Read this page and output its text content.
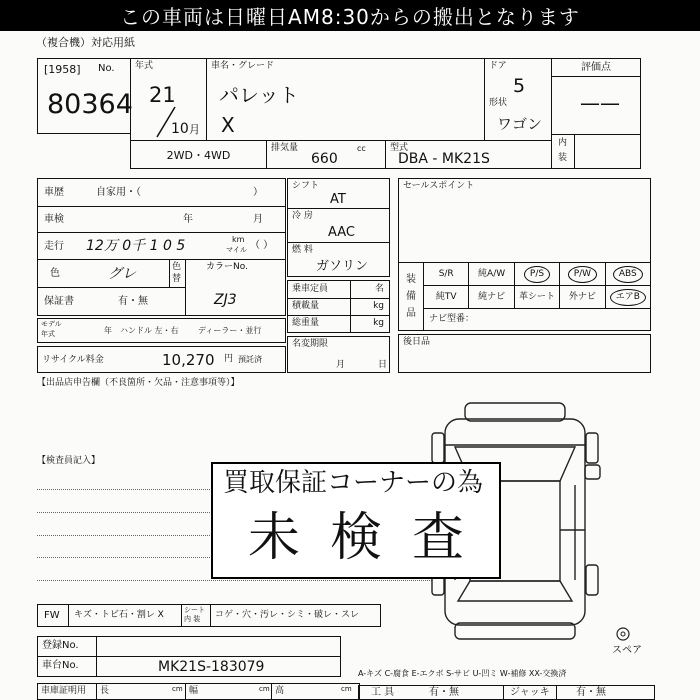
この車両は日曜日AM8:30からの搬出となります
（複合機）対応用紙
[1958] No.
80364
年式
21
10 月
車名・グレード
パレット
X
ドア
5
形状
ワゴン
評価点
——
内
装
2WD・4WD
排気量
660
cc	型式
DBA - MK21S
車歴	自家用・（	）
車検	年	月
走行 12万 0千 1 0 5	km
マイル （ ）
色	グレ	色
替
保証書	有・無
カラーNo.
ZJ3
モデル
年式	年 ハンドル 左・右 ディーラー・並行
リサイクル料金	10,270 円 預託済
シフト
AT
冷 房
AAC
燃 料
ガソリン
乗車定員	名
積載量	kg
総重量	kg
名変期限
月	日
セールスポイント
装
備
品
S/R	純A/W	P/S	P/W	ABS
純TV	純ナビ	革シート	外ナビ	エアB
ナビ型番：
後日品
【出品店申告欄（不良箇所・欠品・注意事項等）】
【検査員記入】
買取保証コーナーの為
未検査
FW キズ・トビ石・割レ X	シート
内 装 コゲ・穴・汚レ・シミ・破レ・スレ
登録No.
車台No.	MK21S-183079
車庫証明用 長	cm 幅	cm 高	cm
A-キズ C-腐食 E-エクボ S-サビ U-凹ミ W-補修 XX-交換済
スペア
工 具	有・無	ジャッキ	有・無
